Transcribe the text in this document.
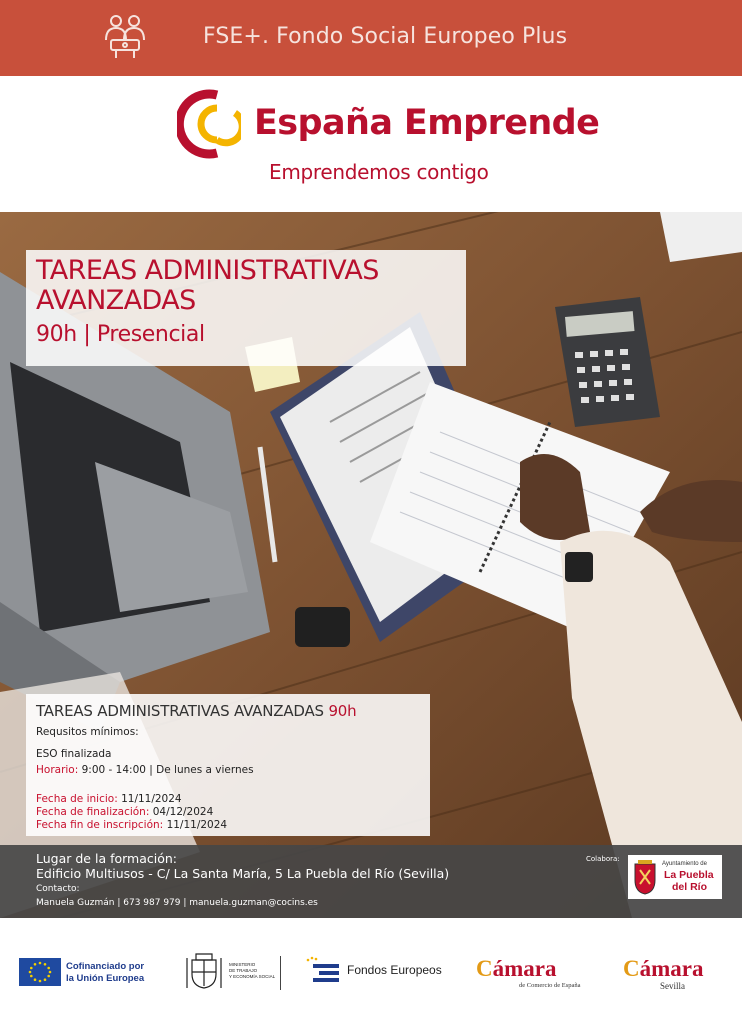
FSE+. Fondo Social Europeo Plus
España Emprende
Emprendemos contigo
TAREAS ADMINISTRATIVAS AVANZADAS
90h | Presencial
TAREAS ADMINISTRATIVAS AVANZADAS 90h
Requsitos mínimos:
ESO finalizada
Horario: 9:00 - 14:00 | De lunes a viernes
Fecha de inicio: 11/11/2024
Fecha de finalización: 04/12/2024
Fecha fin de inscripción: 11/11/2024
Lugar de la formación:
Edificio Multiusos - C/ La Santa María, 5 La Puebla del Río (Sevilla)
Contacto:
Manuela Guzmán | 673 987 979 | manuela.guzman@cocins.es
Colabora:
Ayuntamiento de
La Puebla
del Río
Cofinanciado por
la Unión Europea
MINISTERIO
DE TRABAJO
Y ECONOMÍA SOCIAL	Fondos Europeos Cámara
de Comercio de España
Cámara
Sevilla
